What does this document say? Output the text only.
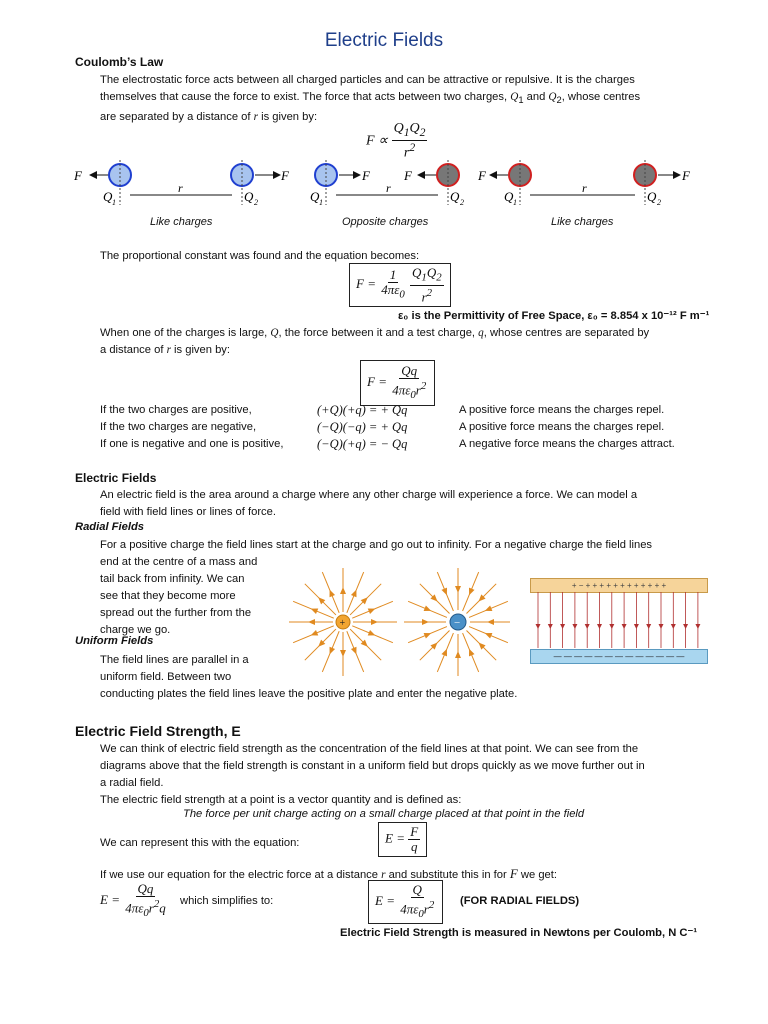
Electric Fields
Coulomb’s Law
The electrostatic force acts between all charged particles and can be attractive or repulsive. It is the charges
themselves that cause the force to exist. The force that acts between two charges, $Q_1$ and $Q_2$, whose centres
are separated by a distance of r is given by:
$F \propto \frac{Q_1Q_2}{r^2}$
F	F
r
Q 1	Q 2
F	F
r
Q 1	Q 2
F	F
r
Q 1	Q 2
Like charges	Opposite charges	Like charges
The proportional constant was found and the equation becomes:
$F = \frac{1}{4\pi\varepsilon_0}$
$\frac{Q_1Q_2}{r^2}$
ε₀ is the Permittivity of Free Space, ε₀ = 8.854 x 10⁻¹² F m⁻¹
When one of the charges is large, Q, the force between it and a test charge, q, whose centres are separated by
a distance of r is given by:
$F = \frac{Qq}{4\pi\varepsilon_0r^2}$
If the two charges are positive,	(+Q)(+q) = + Qq	A positive force means the charges repel.
If the two charges are negative,	(−Q)(−q) = + Qq	A positive force means the charges repel.
If one is negative and one is positive,	(−Q)(+q) = − Qq	A negative force means the charges attract.
Electric Fields
An electric field is the area around a charge where any other charge will experience a force. We can model a
field with field lines or lines of force.
Radial Fields
For a positive charge the field lines start at the charge and go out to infinity. For a negative charge the field lines
end at the centre of a mass and
tail back from infinity. We can
see that they become more
spread out the further from the
charge we go.
Uniform Fields
The field lines are parallel in a
uniform field. Between two
conducting plates the field lines leave the positive plate and enter the negative plate.
+	−
+ − + + + + + + + + + + + +
— — — — — — — — — — — — —
Electric Field Strength, E
We can think of electric field strength as the concentration of the field lines at that point. We can see from the
diagrams above that the field strength is constant in a uniform field but drops quickly as we move further out in
a radial field.
The electric field strength at a point is a vector quantity and is defined as:
The force per unit charge acting on a small charge placed at that point in the field
We can represent this with the equation:	$E = \frac{F}{q}$
If we use our equation for the electric force at a distance r and substitute this in for F we get:
$E = \frac{Qq}{4\pi\varepsilon_0r^2q}$ which simplifies to:	$E = \frac{Q}{4\pi\varepsilon_0r^2} (FOR$ RADIAL FIELDS)
Electric Field Strength is measured in Newtons per Coulomb, N C⁻¹
